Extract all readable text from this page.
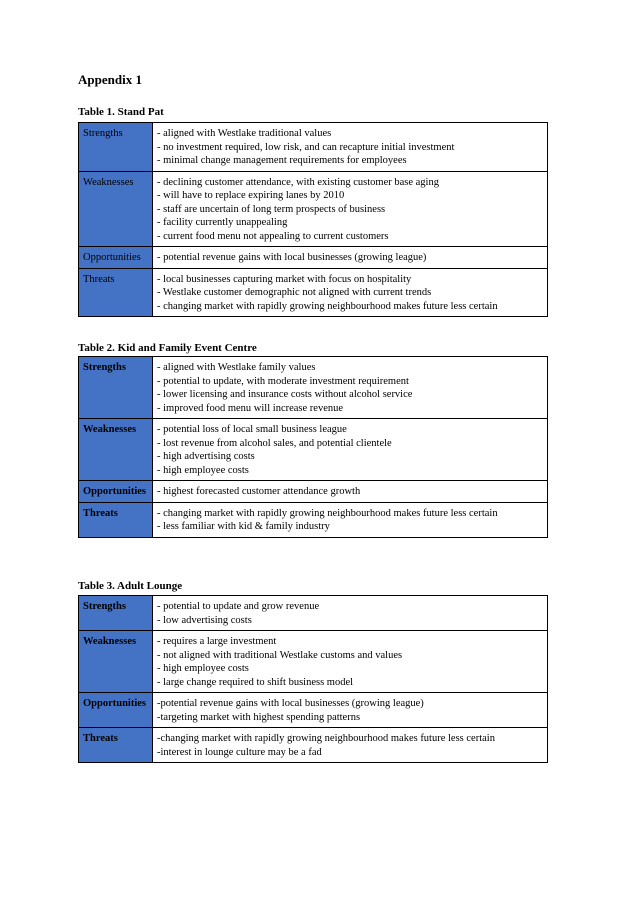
Appendix 1

Table 1. Stand Pat

Strengths	- aligned with Westlake traditional values
- no investment required, low risk, and can recapture initial investment
- minimal change management requirements for employees

Weaknesses	- declining customer attendance, with existing customer base aging
- will have to replace expiring lanes by 2010
- staff are uncertain of long term prospects of business
- facility currently unappealing
- current food menu not appealing to current customers

Opportunities	- potential revenue gains with local businesses (growing league)

Threats	- local businesses capturing market with focus on hospitality
- Westlake customer demographic not aligned with current trends
- changing market with rapidly growing neighbourhood makes future less certain

Table 2. Kid and Family Event Centre

Strengths	- aligned with Westlake family values
- potential to update, with moderate investment requirement
- lower licensing and insurance costs without alcohol service
- improved food menu will increase revenue

Weaknesses	- potential loss of local small business league
- lost revenue from alcohol sales, and potential clientele
- high advertising costs
- high employee costs

Opportunities	- highest forecasted customer attendance growth

Threats	- changing market with rapidly growing neighbourhood makes future less certain
- less familiar with kid & family industry

Table 3. Adult Lounge

Strengths	- potential to update and grow revenue
- low advertising costs

Weaknesses	- requires a large investment
- not aligned with traditional Westlake customs and values
- high employee costs
- large change required to shift business model

Opportunities	-potential revenue gains with local businesses (growing league)
-targeting market with highest spending patterns

Threats	-changing market with rapidly growing neighbourhood makes future less certain
-interest in lounge culture may be a fad
